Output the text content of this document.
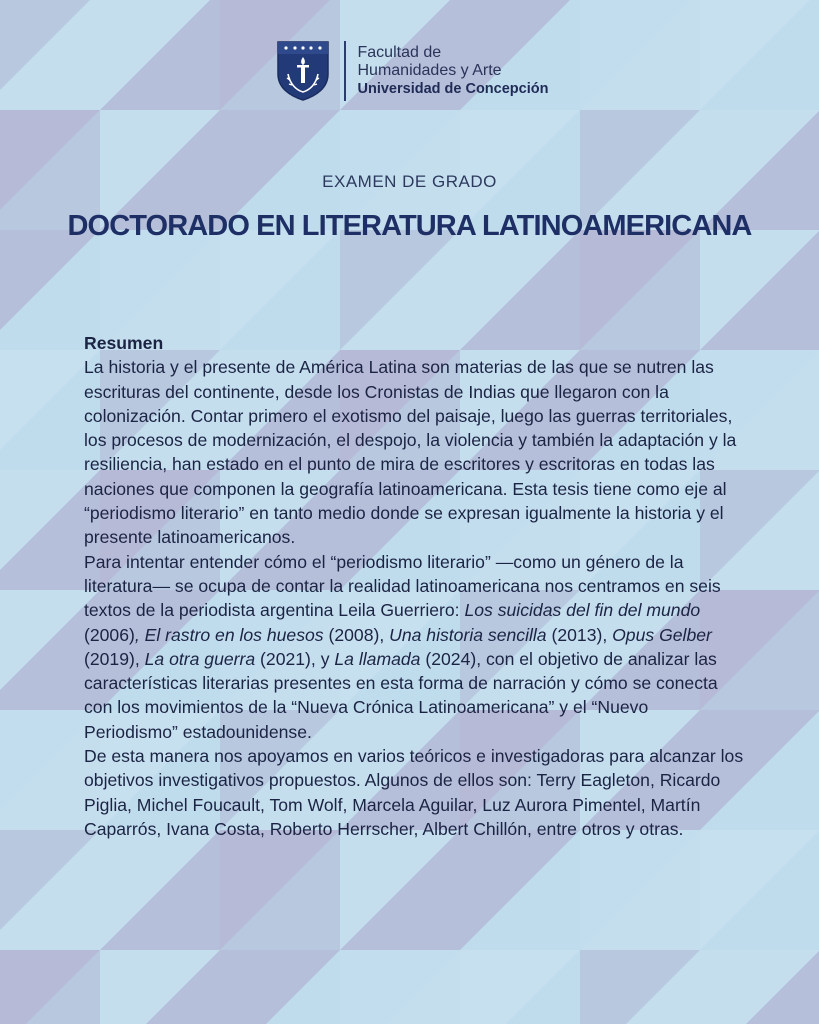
Facultad de
Humanidades y Arte
Universidad de Concepción
EXAMEN DE GRADO
DOCTORADO EN LITERATURA LATINOAMERICANA

Resumen

La historia y el presente de América Latina son materias de las que se nutren las escrituras del continente, desde los Cronistas de Indias que llegaron con la colonización. Contar primero el exotismo del paisaje, luego las guerras territoriales, los procesos de modernización, el despojo, la violencia y también la adaptación y la resiliencia, han estado en el punto de mira de escritores y escritoras en todas las naciones que componen la geografía latinoamericana. Esta tesis tiene como eje al “periodismo literario” en tanto medio donde se expresan igualmente la historia y el presente latinoamericanos.

Para intentar entender cómo el “periodismo literario” —como un género de la literatura— se ocupa de contar la realidad latinoamericana nos centramos en seis textos de la periodista argentina Leila Guerriero: Los suicidas del fin del mundo (2006), El rastro en los huesos (2008), Una historia sencilla (2013), Opus Gelber (2019), La otra guerra (2021), y La llamada (2024), con el objetivo de analizar las características literarias presentes en esta forma de narración y cómo se conecta con los movimientos de la “Nueva Crónica Latinoamericana” y el “Nuevo Periodismo” estadounidense.

De esta manera nos apoyamos en varios teóricos e investigadoras para alcanzar los objetivos investigativos propuestos. Algunos de ellos son: Terry Eagleton, Ricardo Piglia, Michel Foucault, Tom Wolf, Marcela Aguilar, Luz Aurora Pimentel, Martín Caparrós, Ivana Costa, Roberto Herrscher, Albert Chillón, entre otros y otras.
